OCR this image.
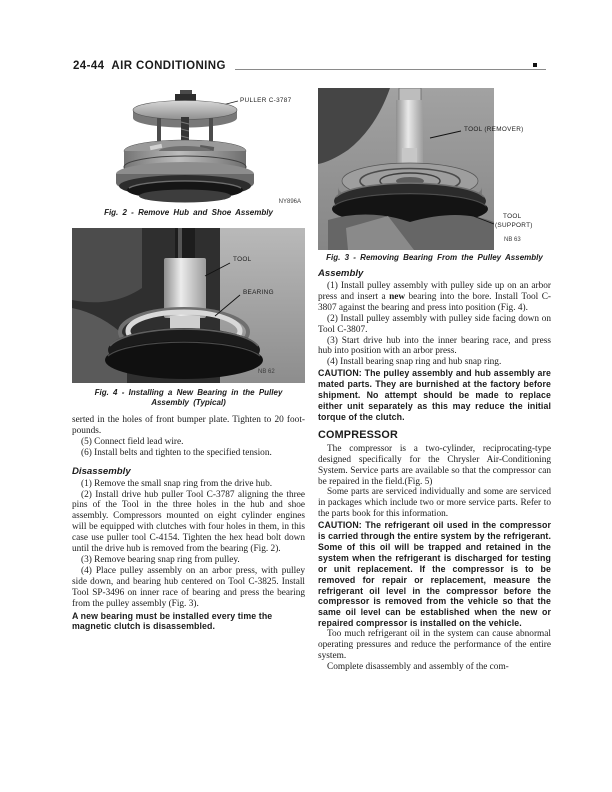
24-44 AIR CONDITIONING
PULLER C-3787
NY896A
Fig. 2 - Remove Hub and Shoe Assembly
TOOL
BEARING
NB 62
Fig. 4 - Installing a New Bearing in the Pulley
Assembly (Typical)

serted in the holes of front bumper plate. Tighten to 20 foot-pounds.

(5) Connect field lead wire.

(6) Install belts and tighten to the specified tension.

Disassembly

(1) Remove the small snap ring from the drive hub.

(2) Install drive hub puller Tool C-3787 aligning the three pins of the Tool in the three holes in the hub and shoe assembly. Compressors mounted on eight cylinder engines will be equipped with clutches with four holes in them, in this case use puller tool C-4154. Tighten the hex head bolt down until the drive hub is removed from the bearing (Fig. 2).

(3) Remove bearing snap ring from pulley.

(4) Place pulley assembly on an arbor press, with pulley side down, and bearing hub centered on Tool C-3825. Install Tool SP-3496 on inner race of bearing and press the bearing from the pulley assembly (Fig. 3).

A new bearing must be installed every time the magnetic clutch is disassembled.

TOOL (REMOVER)
TOOL
(SUPPORT)
NB 63
Fig. 3 - Removing Bearing From the Pulley Assembly
Assembly

(1) Install pulley assembly with pulley side up on an arbor press and insert a new bearing into the bore. Install Tool C-3807 against the bearing and press into position (Fig. 4).

(2) Install pulley assembly with pulley side facing down on Tool C-3807.

(3) Start drive hub into the inner bearing race, and press hub into position with an arbor press.

(4) Install bearing snap ring and hub snap ring.

CAUTION: The pulley assembly and hub assembly are mated parts. They are burnished at the factory before shipment. No attempt should be made to replace either unit separately as this may reduce the initial torque of the clutch.

COMPRESSOR

The compressor is a two-cylinder, reciprocating-type designed specifically for the Chrysler Air-Conditioning System. Service parts are available so that the compressor can be repaired in the field.(Fig. 5)

Some parts are serviced individually and some are serviced in packages which include two or more service parts. Refer to the parts book for this information.

CAUTION: The refrigerant oil used in the compressor is carried through the entire system by the refrigerant. Some of this oil will be trapped and retained in the system when the refrigerant is discharged for testing or unit replacement. If the compressor is to be removed for repair or replacement, measure the refrigerant oil level in the compressor before the compressor is removed from the vehicle so that the same oil level can be established when the new or repaired compressor is installed on the vehicle.

Too much refrigerant oil in the system can cause abnormal operating pressures and reduce the performance of the entire system.

Complete disassembly and assembly of the com-
